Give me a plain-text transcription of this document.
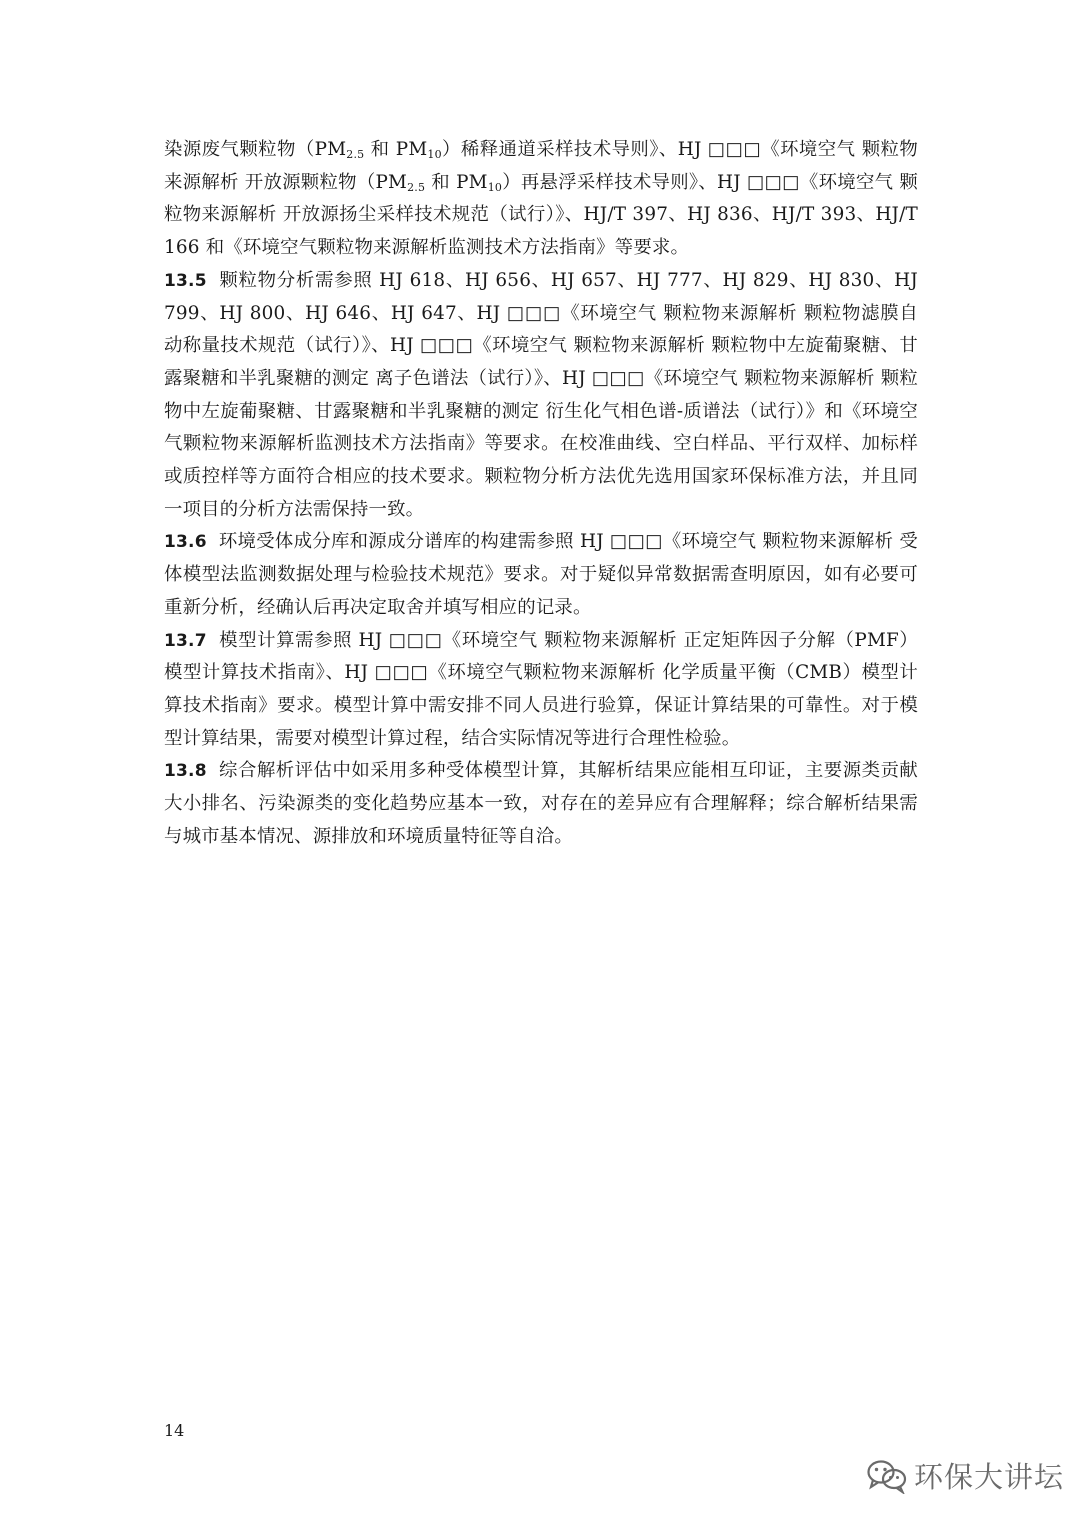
染源废气颗粒物（$PM_{2.5}$ 和 $PM_{10}$）稀释通道采样技术导则》、HJ □□□《环境空气 颗粒物来源解析 开放源颗粒物（$PM_{2.5}$ 和 $PM_{10}$）再悬浮采样技术导则》、HJ □□□《环境空气 颗粒物来源解析 开放源扬尘采样技术规范（试行）》、HJ/T 397、HJ 836、HJ/T 393、HJ/T 166 和《环境空气颗粒物来源解析监测技术方法指南》等要求。

13.5 颗粒物分析需参照 HJ 618、HJ 656、HJ 657、HJ 777、HJ 829、HJ 830、HJ 799、HJ 800、HJ 646、HJ 647、HJ □□□《环境空气 颗粒物来源解析 颗粒物滤膜自动称量技术规范（试行）》、HJ □□□《环境空气 颗粒物来源解析 颗粒物中左旋葡聚糖、甘露聚糖和半乳聚糖的测定 离子色谱法（试行）》、HJ □□□《环境空气 颗粒物来源解析 颗粒物中左旋葡聚糖、甘露聚糖和半乳聚糖的测定 衍生化气相色谱-质谱法（试行）》和《环境空气颗粒物来源解析监测技术方法指南》等要求。在校准曲线、空白样品、平行双样、加标样或质控样等方面符合相应的技术要求。颗粒物分析方法优先选用国家环保标准方法，并且同一项目的分析方法需保持一致。

13.6 环境受体成分库和源成分谱库的构建需参照 HJ □□□《环境空气 颗粒物来源解析 受体模型法监测数据处理与检验技术规范》要求。对于疑似异常数据需查明原因，如有必要可重新分析，经确认后再决定取舍并填写相应的记录。

13.7 模型计算需参照 HJ □□□《环境空气 颗粒物来源解析 正定矩阵因子分解（PMF）模型计算技术指南》、HJ □□□《环境空气颗粒物来源解析 化学质量平衡（CMB）模型计算技术指南》要求。模型计算中需安排不同人员进行验算，保证计算结果的可靠性。对于模型计算结果，需要对模型计算过程，结合实际情况等进行合理性检验。

13.8 综合解析评估中如采用多种受体模型计算，其解析结果应能相互印证，主要源类贡献大小排名、污染源类的变化趋势应基本一致，对存在的差异应有合理解释；综合解析结果需与城市基本情况、源排放和环境质量特征等自洽。

14
环保大讲坛
